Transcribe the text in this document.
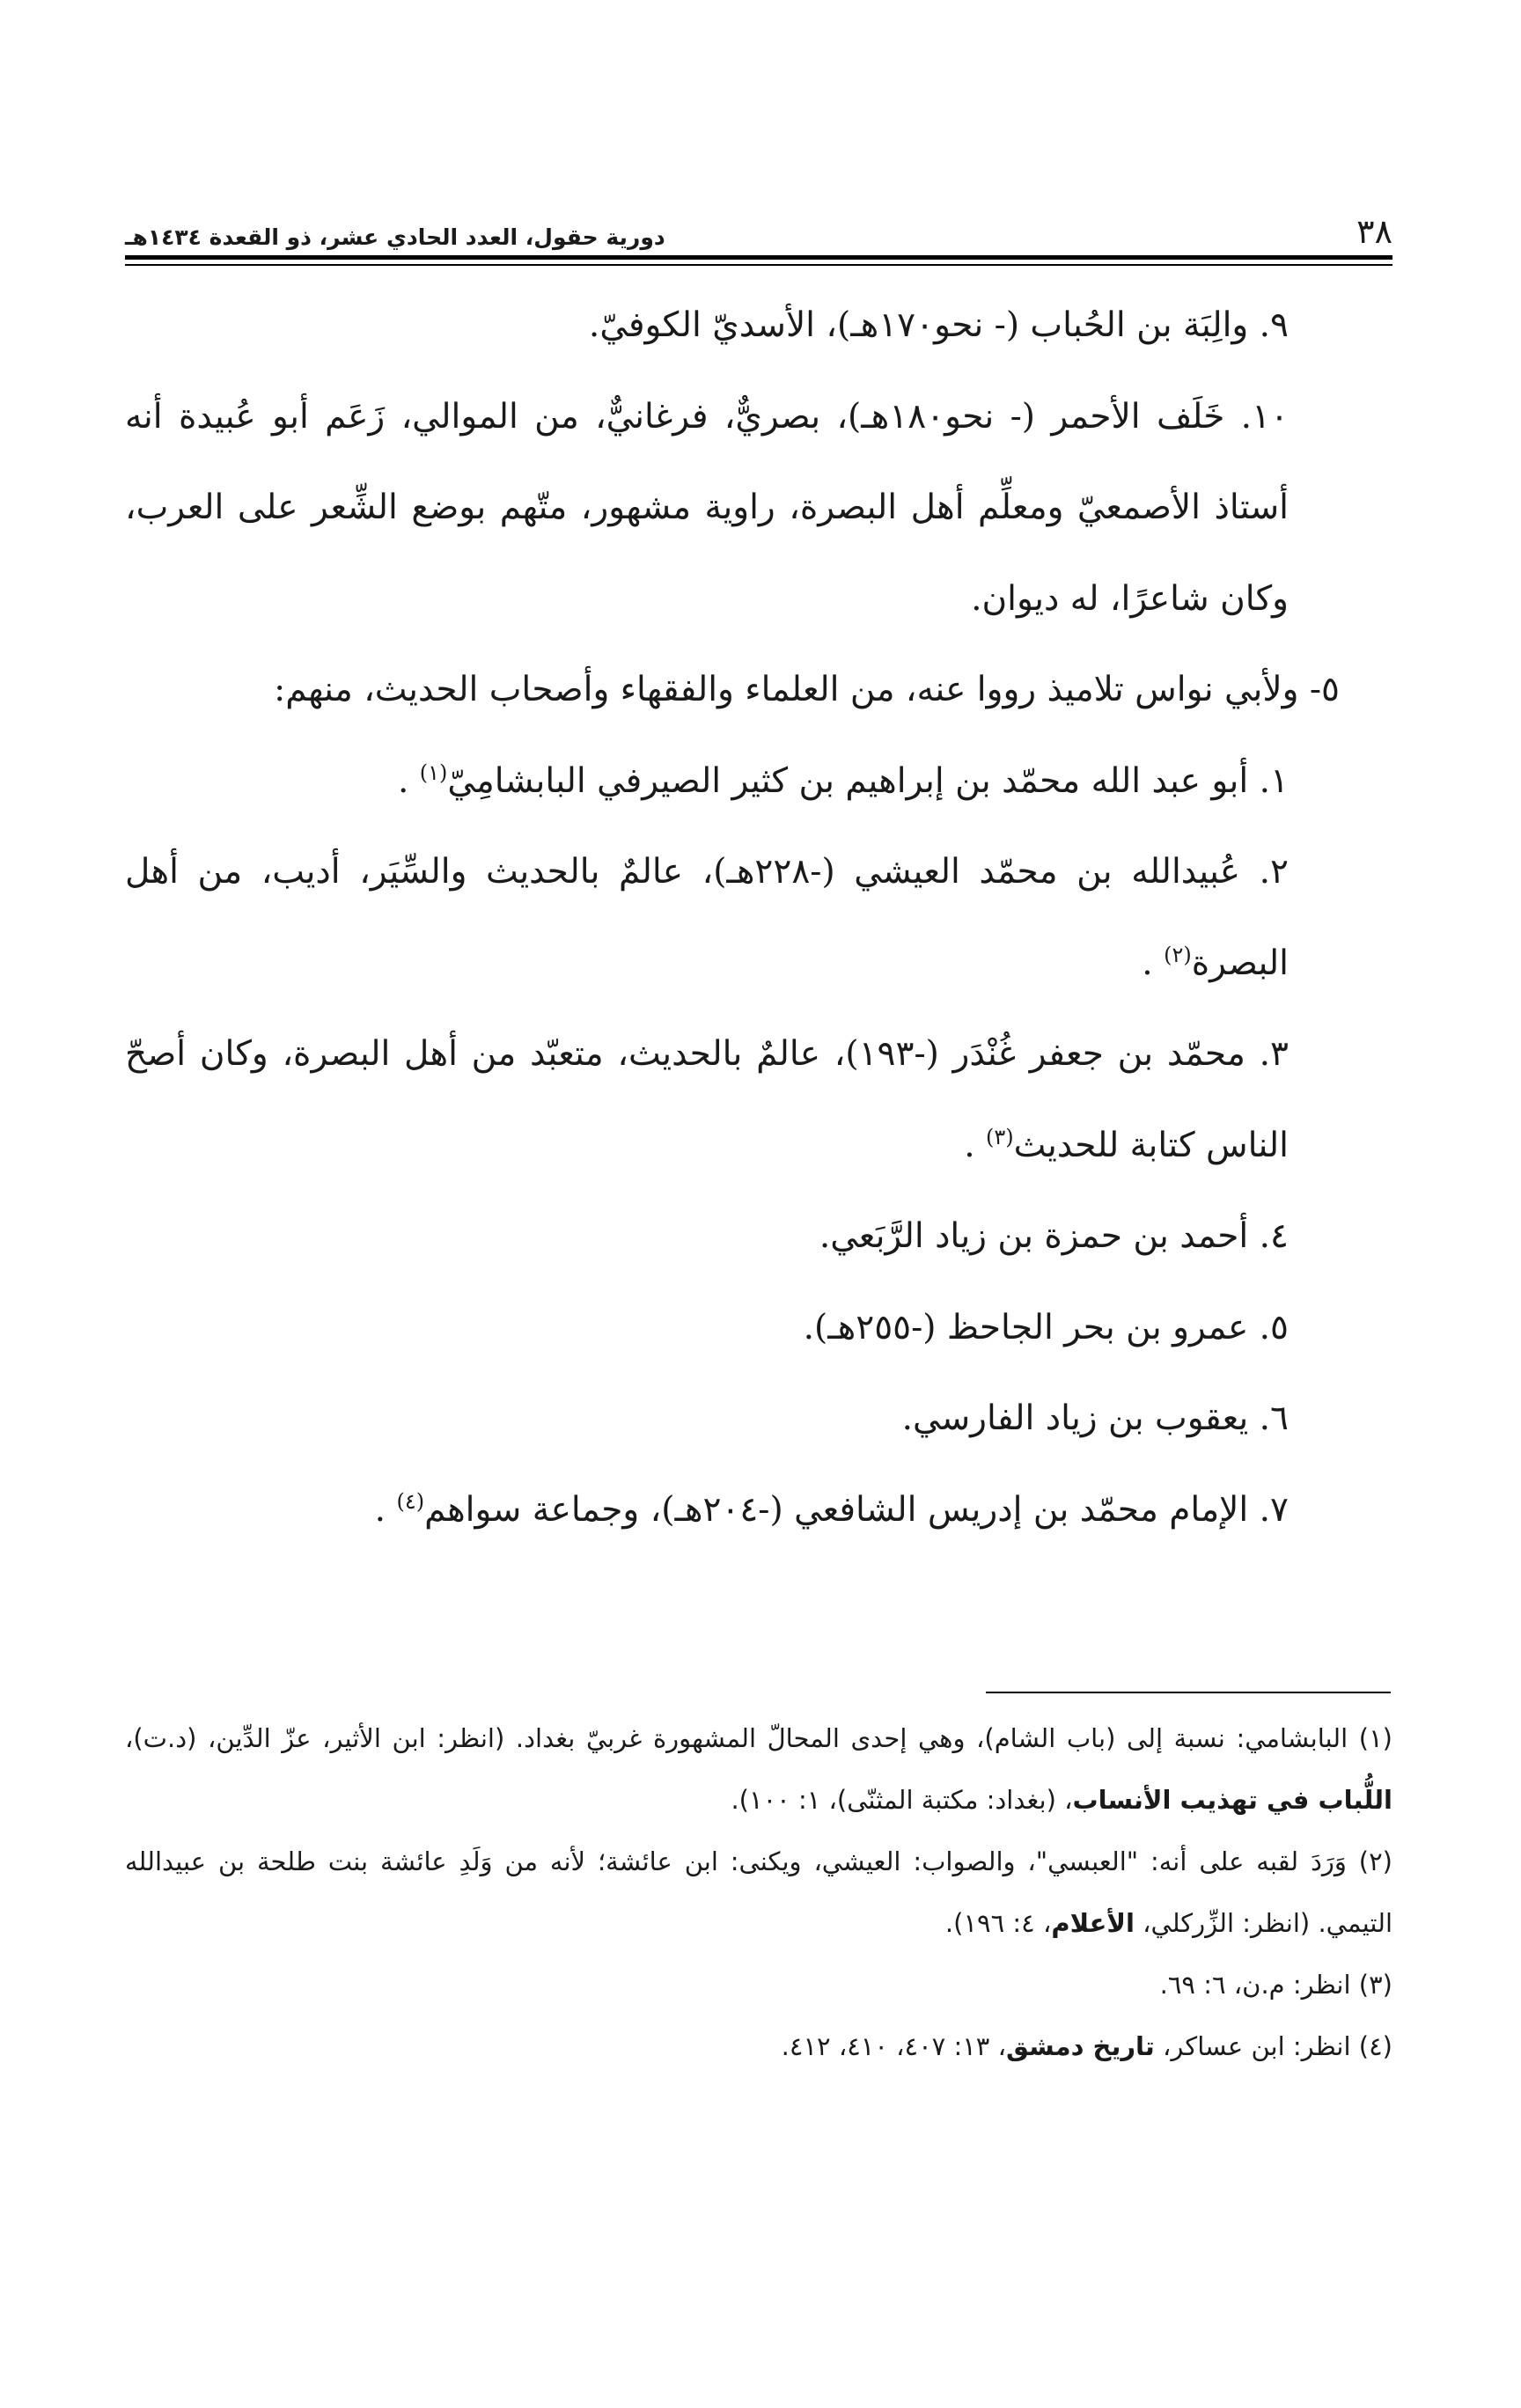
٣٨
دورية حقول، العدد الحادي عشر، ذو القعدة ١٤٣٤هـ

٩. والِبَة بن الحُباب (- نحو١٧٠هـ)، الأسديّ الكوفيّ.

١٠. خَلَف الأحمر (- نحو١٨٠هـ)، بصريٌّ، فرغانيٌّ، من الموالي، زَعَم أبو عُبيدة أنه أستاذ الأصمعيّ ومعلِّم أهل البصرة، راوية مشهور، متّهم بوضع الشِّعر على العرب، وكان شاعرًا، له ديوان.

٥- ولأبي نواس تلاميذ رووا عنه، من العلماء والفقهاء وأصحاب الحديث، منهم:

١. أبو عبد الله محمّد بن إبراهيم بن كثير الصيرفي البابشامِيّ$^{(١)}$ .

٢. عُبيدالله بن محمّد العيشي (-٢٢٨هـ)، عالمٌ بالحديث والسِّيَر، أديب، من أهل البصرة$^{(٢)}$ .

٣. محمّد بن جعفر غُنْدَر (-١٩٣)، عالمٌ بالحديث، متعبّد من أهل البصرة، وكان أصحّ الناس كتابة للحديث$^{(٣)}$ .

٤. أحمد بن حمزة بن زياد الرَّبَعي.

٥. عمرو بن بحر الجاحظ (-٢٥٥هـ).

٦. يعقوب بن زياد الفارسي.

٧. الإمام محمّد بن إدريس الشافعي (-٢٠٤هـ)، وجماعة سواهم$^{(٤)}$ .

(١) البابشامي: نسبة إلى (باب الشام)، وهي إحدى المحالّ المشهورة غربيّ بغداد. (انظر: ابن الأثير، عزّ الدِّين، (د.ت)، اللُّباب في تهذيب الأنساب، (بغداد: مكتبة المثنّى)، ١: ١٠٠).

(٢) وَرَدَ لقبه على أنه: "العبسي"، والصواب: العيشي، ويكنى: ابن عائشة؛ لأنه من وَلَدِ عائشة بنت طلحة بن عبيدالله التيمي. (انظر: الزِّركلي، الأعلام، ٤: ١٩٦).

(٣) انظر: م.ن، ٦: ٦٩.

(٤) انظر: ابن عساكر، تاريخ دمشق، ١٣: ٤٠٧، ٤١٠، ٤١٢.
